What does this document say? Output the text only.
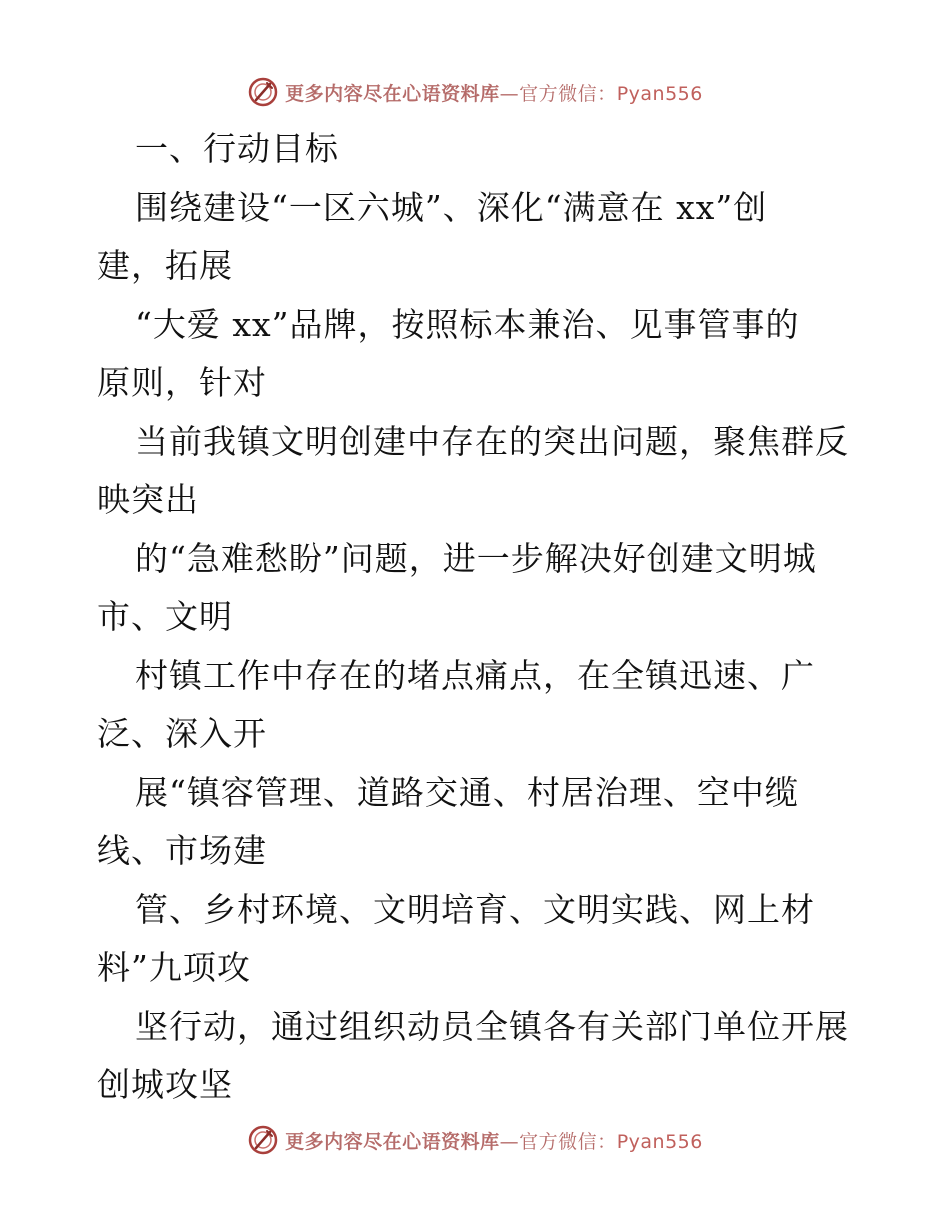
更多内容尽在心语资料库—官方微信：Pyan556
一、行动目标
围绕建设“一区六城”、深化“满意在 xx”创
建，拓展
“大爱 xx”品牌，按照标本兼治、见事管事的
原则，针对
当前我镇文明创建中存在的突出问题，聚焦群反
映突出
的“急难愁盼”问题，进一步解决好创建文明城
市、文明
村镇工作中存在的堵点痛点，在全镇迅速、广
泛、深入开
展“镇容管理、道路交通、村居治理、空中缆
线、市场建
管、乡村环境、文明培育、文明实践、网上材
料”九项攻
坚行动，通过组织动员全镇各有关部门单位开展
创城攻坚
更多内容尽在心语资料库—官方微信：Pyan556
